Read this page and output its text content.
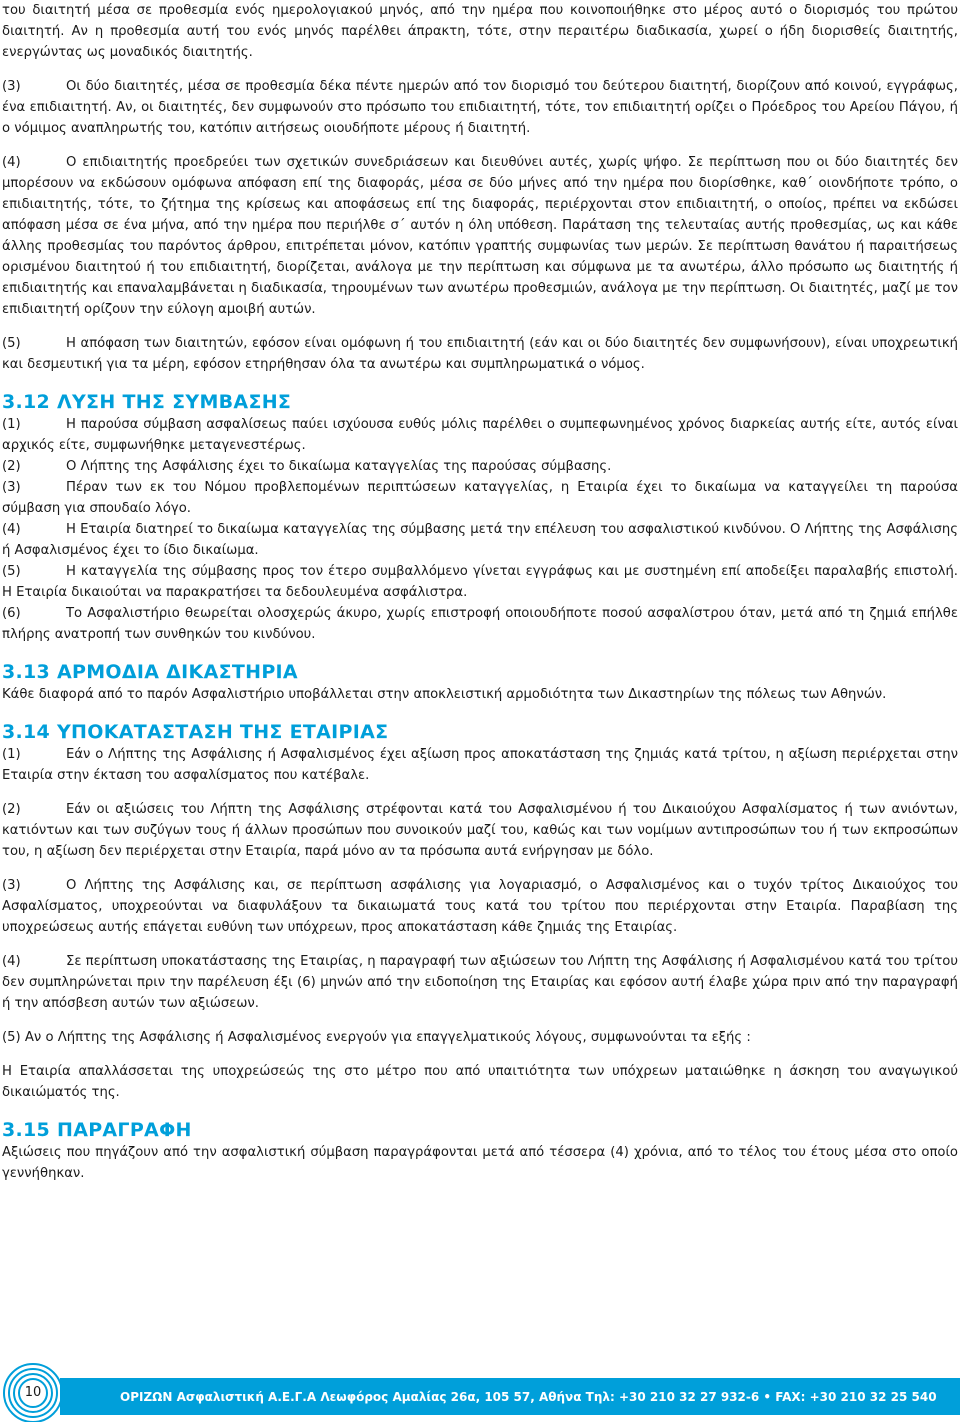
του διαιτητή μέσα σε προθεσμία ενός ημερολογιακού μηνός, από την ημέρα που κοινοποιήθηκε στο μέρος αυτό ο διορισμός του πρώτου διαιτητή. Αν η προθεσμία αυτή του ενός μηνός παρέλθει άπρακτη, τότε, στην περαιτέρω διαδικασία, χωρεί ο ήδη διορισθείς διαιτητής, ενεργώντας ως μοναδικός διαιτητής.

(3)	Οι δύο διαιτητές, μέσα σε προθεσμία δέκα πέντε ημερών από τον διορισμό του δεύτερου διαιτητή, διορίζουν από κοινού, εγγράφως, ένα επιδιαιτητή. Αν, οι διαιτητές, δεν συμφωνούν στο πρόσωπο του επιδιαιτητή, τότε, τον επιδιαιτητή ορίζει ο Πρόεδρος του Αρείου Πάγου, ή ο νόμιμος αναπληρωτής του, κατόπιν αιτήσεως οιουδήποτε μέρους ή διαιτητή.

(4)	Ο επιδιαιτητής προεδρεύει των σχετικών συνεδριάσεων και διευθύνει αυτές, χωρίς ψήφο. Σε περίπτωση που οι δύο διαιτητές δεν μπορέσουν να εκδώσουν ομόφωνα απόφαση επί της διαφοράς, μέσα σε δύο μήνες από την ημέρα που διορίσθηκε, καθ΄ οιονδήποτε τρόπο, ο επιδιαιτητής, τότε, το ζήτημα της κρίσεως και αποφάσεως επί της διαφοράς, περιέρχονται στον επιδιαιτητή, ο οποίος, πρέπει να εκδώσει απόφαση μέσα σε ένα μήνα, από την ημέρα που περιήλθε σ΄ αυτόν η όλη υπόθεση. Παράταση της τελευταίας αυτής προθεσμίας, ως και κάθε άλλης προθεσμίας του παρόντος άρθρου, επιτρέπεται μόνον, κατόπιν γραπτής συμφωνίας των μερών. Σε περίπτωση θανάτου ή παραιτήσεως ορισμένου διαιτητού ή του επιδιαιτητή, διορίζεται, ανάλογα με την περίπτωση και σύμφωνα με τα ανωτέρω, άλλο πρόσωπο ως διαιτητής ή επιδιαιτητής και επαναλαμβάνεται η διαδικασία, τηρουμένων των ανωτέρω προθεσμιών, ανάλογα με την περίπτωση. Οι διαιτητές, μαζί με τον επιδιαιτητή ορίζουν την εύλογη αμοιβή αυτών.

(5)	Η απόφαση των διαιτητών, εφόσον είναι ομόφωνη ή του επιδιαιτητή (εάν και οι δύο διαιτητές δεν συμφωνήσουν), είναι υποχρεωτική και δεσμευτική για τα μέρη, εφόσον ετηρήθησαν όλα τα ανωτέρω και συμπληρωματικά ο νόμος.

3.12 ΛΥΣΗ ΤΗΣ ΣΥΜΒΑΣΗΣ

(1)	Η παρούσα σύμβαση ασφαλίσεως παύει ισχύουσα ευθύς μόλις παρέλθει ο συμπεφωνημένος χρόνος διαρκείας αυτής είτε, αυτός είναι αρχικός είτε, συμφωνήθηκε μεταγενεστέρως.

(2)	Ο Λήπτης της Ασφάλισης έχει το δικαίωμα καταγγελίας της παρούσας σύμβασης.

(3)	Πέραν των εκ του Νόμου προβλεπομένων περιπτώσεων καταγγελίας, η Εταιρία έχει το δικαίωμα να καταγγείλει τη παρούσα σύμβαση για σπουδαίο λόγο.

(4)	Η Εταιρία διατηρεί το δικαίωμα καταγγελίας της σύμβασης μετά την επέλευση του ασφαλιστικού κινδύνου. Ο Λήπτης της Ασφάλισης ή Ασφαλισμένος έχει το ίδιο δικαίωμα.

(5)	Η καταγγελία της σύμβασης προς τον έτερο συμβαλλόμενο γίνεται εγγράφως και με συστημένη επί αποδείξει παραλαβής επιστολή. Η Εταιρία δικαιούται να παρακρατήσει τα δεδουλευμένα ασφάλιστρα.

(6)	Το Ασφαλιστήριο θεωρείται ολοσχερώς άκυρο, χωρίς επιστροφή οποιουδήποτε ποσού ασφαλίστρου όταν, μετά από τη ζημιά επήλθε πλήρης ανατροπή των συνθηκών του κινδύνου.

3.13 ΑΡΜΟΔΙΑ ΔΙΚΑΣΤΗΡΙΑ

Κάθε διαφορά από το παρόν Ασφαλιστήριο υποβάλλεται στην αποκλειστική αρμοδιότητα των Δικαστηρίων της πόλεως των Αθηνών.

3.14 ΥΠΟΚΑΤΑΣΤΑΣΗ ΤΗΣ ΕΤΑΙΡΙΑΣ

(1)	Εάν ο Λήπτης της Ασφάλισης ή Ασφαλισμένος έχει αξίωση προς αποκατάσταση της ζημιάς κατά τρίτου, η αξίωση περιέρχεται στην Εταιρία στην έκταση του ασφαλίσματος που κατέβαλε.

(2)	Εάν οι αξιώσεις του Λήπτη της Ασφάλισης στρέφονται κατά του Ασφαλισμένου ή του Δικαιούχου Ασφαλίσματος ή των ανιόντων, κατιόντων και των συζύγων τους ή άλλων προσώπων που συνοικούν μαζί του, καθώς και των νομίμων αντιπροσώπων του ή των εκπροσώπων του, η αξίωση δεν περιέρχεται στην Εταιρία, παρά μόνο αν τα πρόσωπα αυτά ενήργησαν με δόλο.

(3)	Ο Λήπτης της Ασφάλισης και, σε περίπτωση ασφάλισης για λογαριασμό, ο Ασφαλισμένος και ο τυχόν τρίτος Δικαιούχος του Ασφαλίσματος, υποχρεούνται να διαφυλάξουν τα δικαιωματά τους κατά του τρίτου που περιέρχονται στην Εταιρία. Παραβίαση της υποχρεώσεως αυτής επάγεται ευθύνη των υπόχρεων, προς αποκατάσταση κάθε ζημιάς της Εταιρίας.

(4)	Σε περίπτωση υποκατάστασης της Εταιρίας, η παραγραφή των αξιώσεων του Λήπτη της Ασφάλισης ή Ασφαλισμένου κατά του τρίτου δεν συμπληρώνεται πριν την παρέλευση έξι (6) μηνών από την ειδοποίηση της Εταιρίας και εφόσον αυτή έλαβε χώρα πριν από την παραγραφή ή την απόσβεση αυτών των αξιώσεων.

(5) Αν ο Λήπτης της Ασφάλισης ή Ασφαλισμένος ενεργούν για επαγγελματικούς λόγους, συμφωνούνται τα εξής :

Η Εταιρία απαλλάσσεται της υποχρεώσεώς της στο μέτρο που από υπαιτιότητα των υπόχρεων ματαιώθηκε η άσκηση του αναγωγικού δικαιώματός της.

3.15 ΠΑΡΑΓΡΑΦΗ

Αξιώσεις που πηγάζουν από την ασφαλιστική σύμβαση παραγράφονται μετά από τέσσερα (4) χρόνια, από το τέλος του έτους μέσα στο οποίο γεννήθηκαν.

10	ΟΡΙΖΩΝ Ασφαλιστική Α.Ε.Γ.Α Λεωφόρος Αμαλίας 26α, 105 57, Αθήνα Τηλ: +30 210 32 27 932-6 • FAX: +30 210 32 25 540
